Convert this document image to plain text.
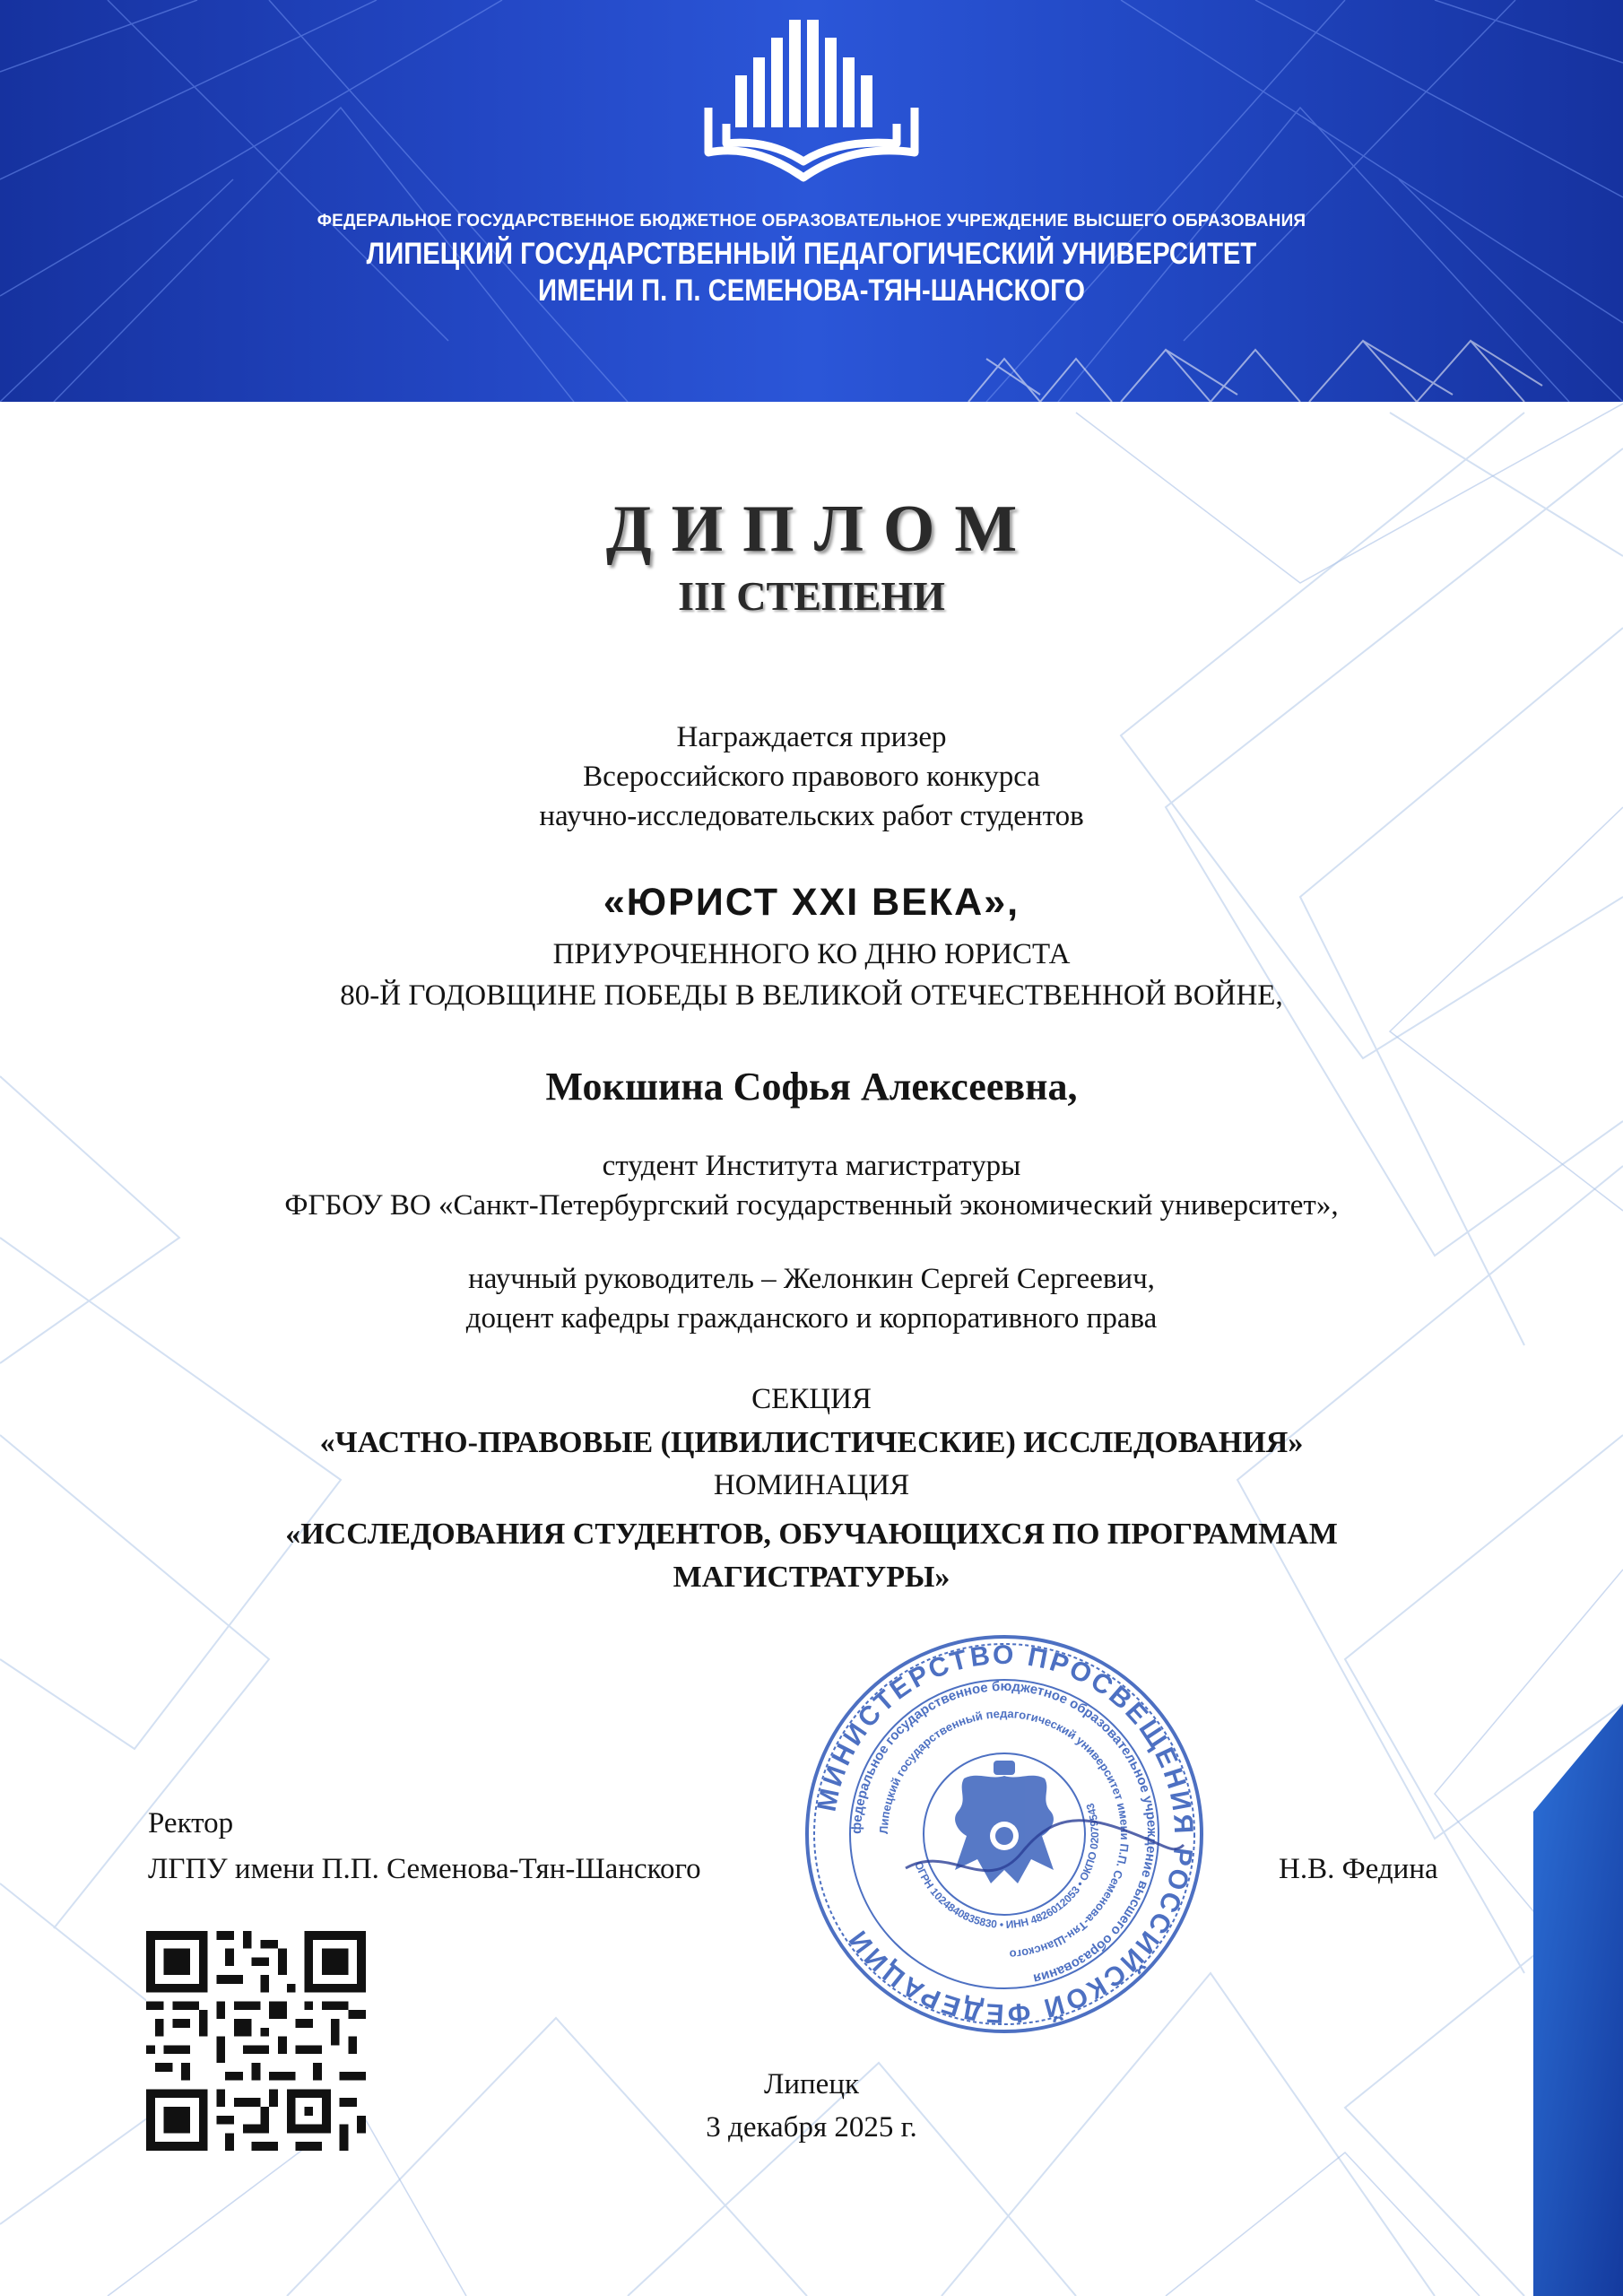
ФЕДЕРАЛЬНОЕ ГОСУДАРСТВЕННОЕ БЮДЖЕТНОЕ ОБРАЗОВАТЕЛЬНОЕ УЧРЕЖДЕНИЕ ВЫСШЕГО ОБРАЗОВАНИЯ
ЛИПЕЦКИЙ ГОСУДАРСТВЕННЫЙ ПЕДАГОГИЧЕСКИЙ УНИВЕРСИТЕТ
ИМЕНИ П. П. СЕМЕНОВА-ТЯН-ШАНСКОГО
ДИПЛОМ
III СТЕПЕНИ
Награждается призер
Всероссийского правового конкурса
научно-исследовательских работ студентов
«ЮРИСТ XXI ВЕКА»,
ПРИУРОЧЕННОГО КО ДНЮ ЮРИСТА
80-Й ГОДОВЩИНЕ ПОБЕДЫ В ВЕЛИКОЙ ОТЕЧЕСТВЕННОЙ ВОЙНЕ,
Мокшина Софья Алексеевна,
студент Института магистратуры
ФГБОУ ВО «Санкт-Петербургский государственный экономический университет»,
научный руководитель – Желонкин Сергей Сергеевич,
доцент кафедры гражданского и корпоративного права
СЕКЦИЯ
«ЧАСТНО-ПРАВОВЫЕ (ЦИВИЛИСТИЧЕСКИЕ) ИССЛЕДОВАНИЯ»
НОМИНАЦИЯ
«ИССЛЕДОВАНИЯ СТУДЕНТОВ, ОБУЧАЮЩИХСЯ ПО ПРОГРАММАМ
МАГИСТРАТУРЫ»
Ректор
ЛГПУ имени П.П. Семенова-Тян-Шанского	Н.В. Федина
МИНИСТЕРСТВО ПРОСВЕЩЕНИЯ РОССИЙСКОЙ ФЕДЕРАЦИИ
федеральное государственное бюджетное образовательное учреждение высшего образования
Липецкий государственный педагогический университет имени П.П. Семенова-Тян-Шанского
ОГРН 1024840835830 • ИНН 4826012053 • ОКПО 02079543
Липецк
3 декабря 2025 г.
